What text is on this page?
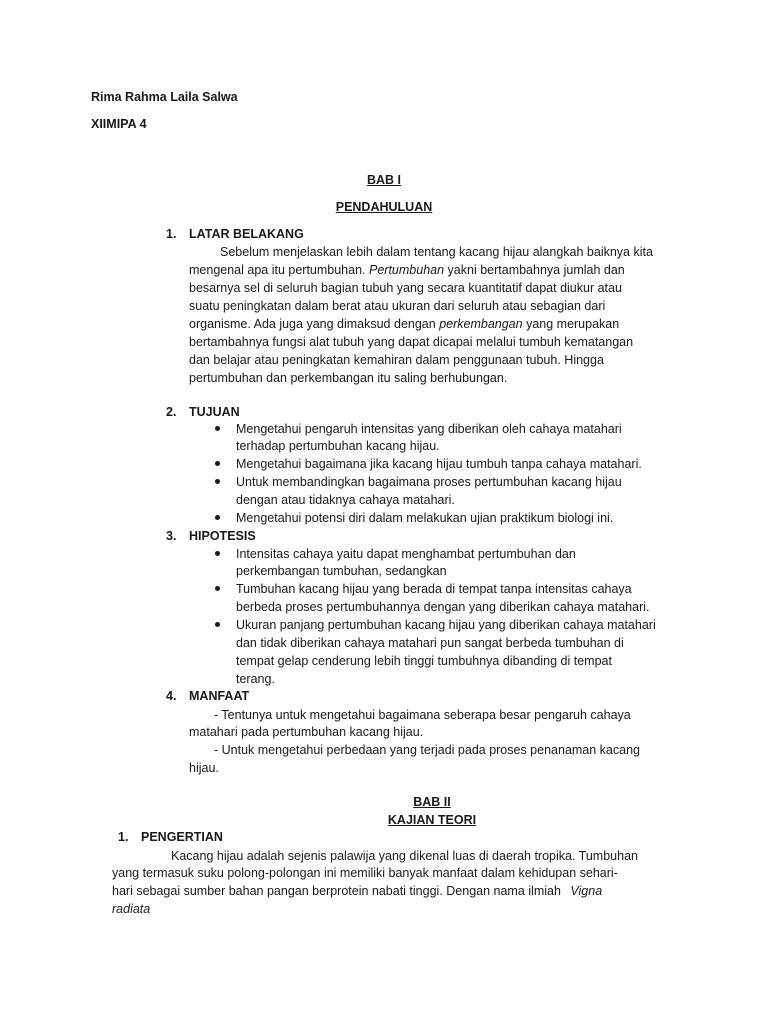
Rima Rahma Laila Salwa
XIIMIPA 4
BAB I
PENDAHULUAN
1. LATAR BELAKANG
Sebelum menjelaskan lebih dalam tentang kacang hijau alangkah baiknya kita
mengenal apa itu pertumbuhan. Pertumbuhan yakni bertambahnya jumlah dan
besarnya sel di seluruh bagian tubuh yang secara kuantitatif dapat diukur atau
suatu peningkatan dalam berat atau ukuran dari seluruh atau sebagian dari
organisme. Ada juga yang dimaksud dengan perkembangan yang merupakan
bertambahnya fungsi alat tubuh yang dapat dicapai melalui tumbuh kematangan
dan belajar atau peningkatan kemahiran dalam penggunaan tubuh. Hingga
pertumbuhan dan perkembangan itu saling berhubungan.
2. TUJUAN
Mengetahui pengaruh intensitas yang diberikan oleh cahaya matahari
terhadap pertumbuhan kacang hijau.
Mengetahui bagaimana jika kacang hijau tumbuh tanpa cahaya matahari.
Untuk membandingkan bagaimana proses pertumbuhan kacang hijau
dengan atau tidaknya cahaya matahari.
Mengetahui potensi diri dalam melakukan ujian praktikum biologi ini.
3. HIPOTESIS
Intensitas cahaya yaitu dapat menghambat pertumbuhan dan
perkembangan tumbuhan, sedangkan
Tumbuhan kacang hijau yang berada di tempat tanpa intensitas cahaya
berbeda proses pertumbuhannya dengan yang diberikan cahaya matahari.
Ukuran panjang pertumbuhan kacang hijau yang diberikan cahaya matahari
dan tidak diberikan cahaya matahari pun sangat berbeda tumbuhan di
tempat gelap cenderung lebih tinggi tumbuhnya dibanding di tempat
terang.
4. MANFAAT
- Tentunya untuk mengetahui bagaimana seberapa besar pengaruh cahaya
matahari pada pertumbuhan kacang hijau.
- Untuk mengetahui perbedaan yang terjadi pada proses penanaman kacang
hijau.
BAB II
KAJIAN TEORI
1. PENGERTIAN
Kacang hijau adalah sejenis palawija yang dikenal luas di daerah tropika. Tumbuhan
yang termasuk suku polong-polongan ini memiliki banyak manfaat dalam kehidupan sehari-
hari sebagai sumber bahan pangan berprotein nabati tinggi. Dengan nama ilmiah Vigna
radiata
